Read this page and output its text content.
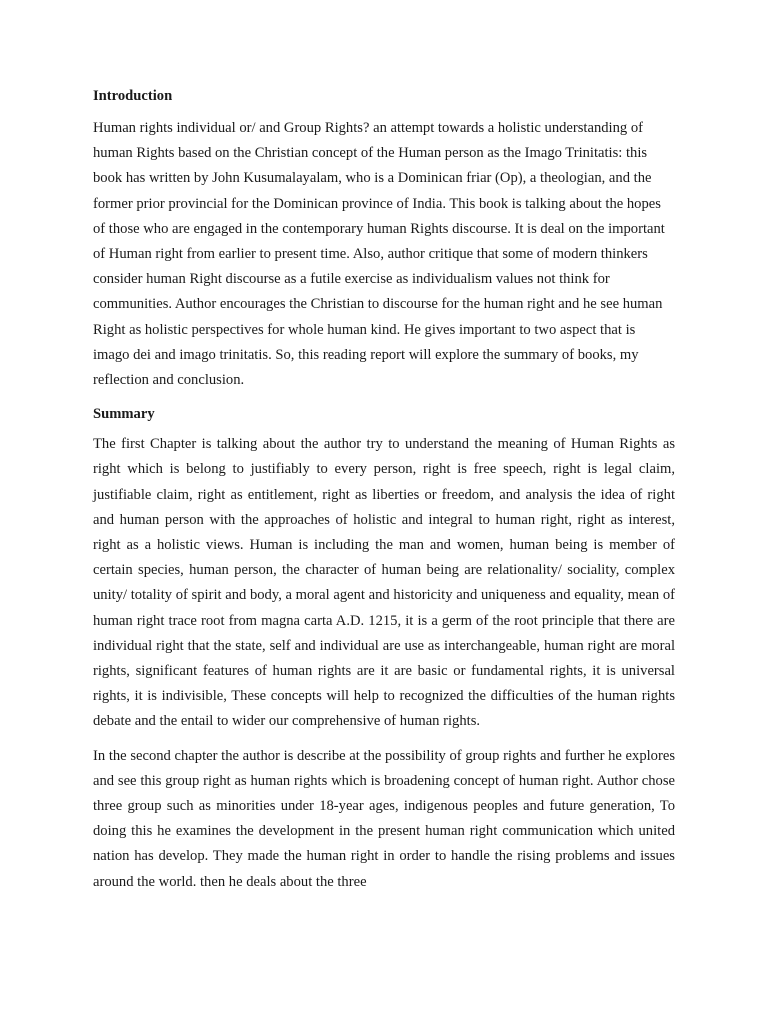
Introduction

Human rights individual or/ and Group Rights? an attempt towards a holistic understanding of human Rights based on the Christian concept of the Human person as the Imago Trinitatis: this book has written by John Kusumalayalam, who is a Dominican friar (Op), a theologian, and the former prior provincial for the Dominican province of India. This book is talking about the hopes of those who are engaged in the contemporary human Rights discourse. It is deal on the important of Human right from earlier to present time. Also, author critique that some of modern thinkers consider human Right discourse as a futile exercise as individualism values not think for communities. Author encourages the Christian to discourse for the human right and he see human Right as holistic perspectives for whole human kind. He gives important to two aspect that is imago dei and imago trinitatis. So, this reading report will explore the summary of books, my reflection and conclusion.

Summary

The first Chapter is talking about the author try to understand the meaning of Human Rights as right which is belong to justifiably to every person, right is free speech, right is legal claim, justifiable claim, right as entitlement, right as liberties or freedom, and analysis the idea of right and human person with the approaches of holistic and integral to human right, right as interest, right as a holistic views. Human is including the man and women, human being is member of certain species, human person, the character of human being are relationality/ sociality, complex unity/ totality of spirit and body, a moral agent and historicity and uniqueness and equality, mean of human right trace root from magna carta A.D. 1215, it is a germ of the root principle that there are individual right that the state, self and individual are use as interchangeable, human right are moral rights, significant features of human rights are it are basic or fundamental rights, it is universal rights, it is indivisible, These concepts will help to recognized the difficulties of the human rights debate and the entail to wider our comprehensive of human rights.

In the second chapter the author is describe at the possibility of group rights and further he explores and see this group right as human rights which is broadening concept of human right. Author chose three group such as minorities under 18-year ages, indigenous peoples and future generation, To doing this he examines the development in the present human right communication which united nation has develop. They made the human right in order to handle the rising problems and issues around the world. then he deals about the three
